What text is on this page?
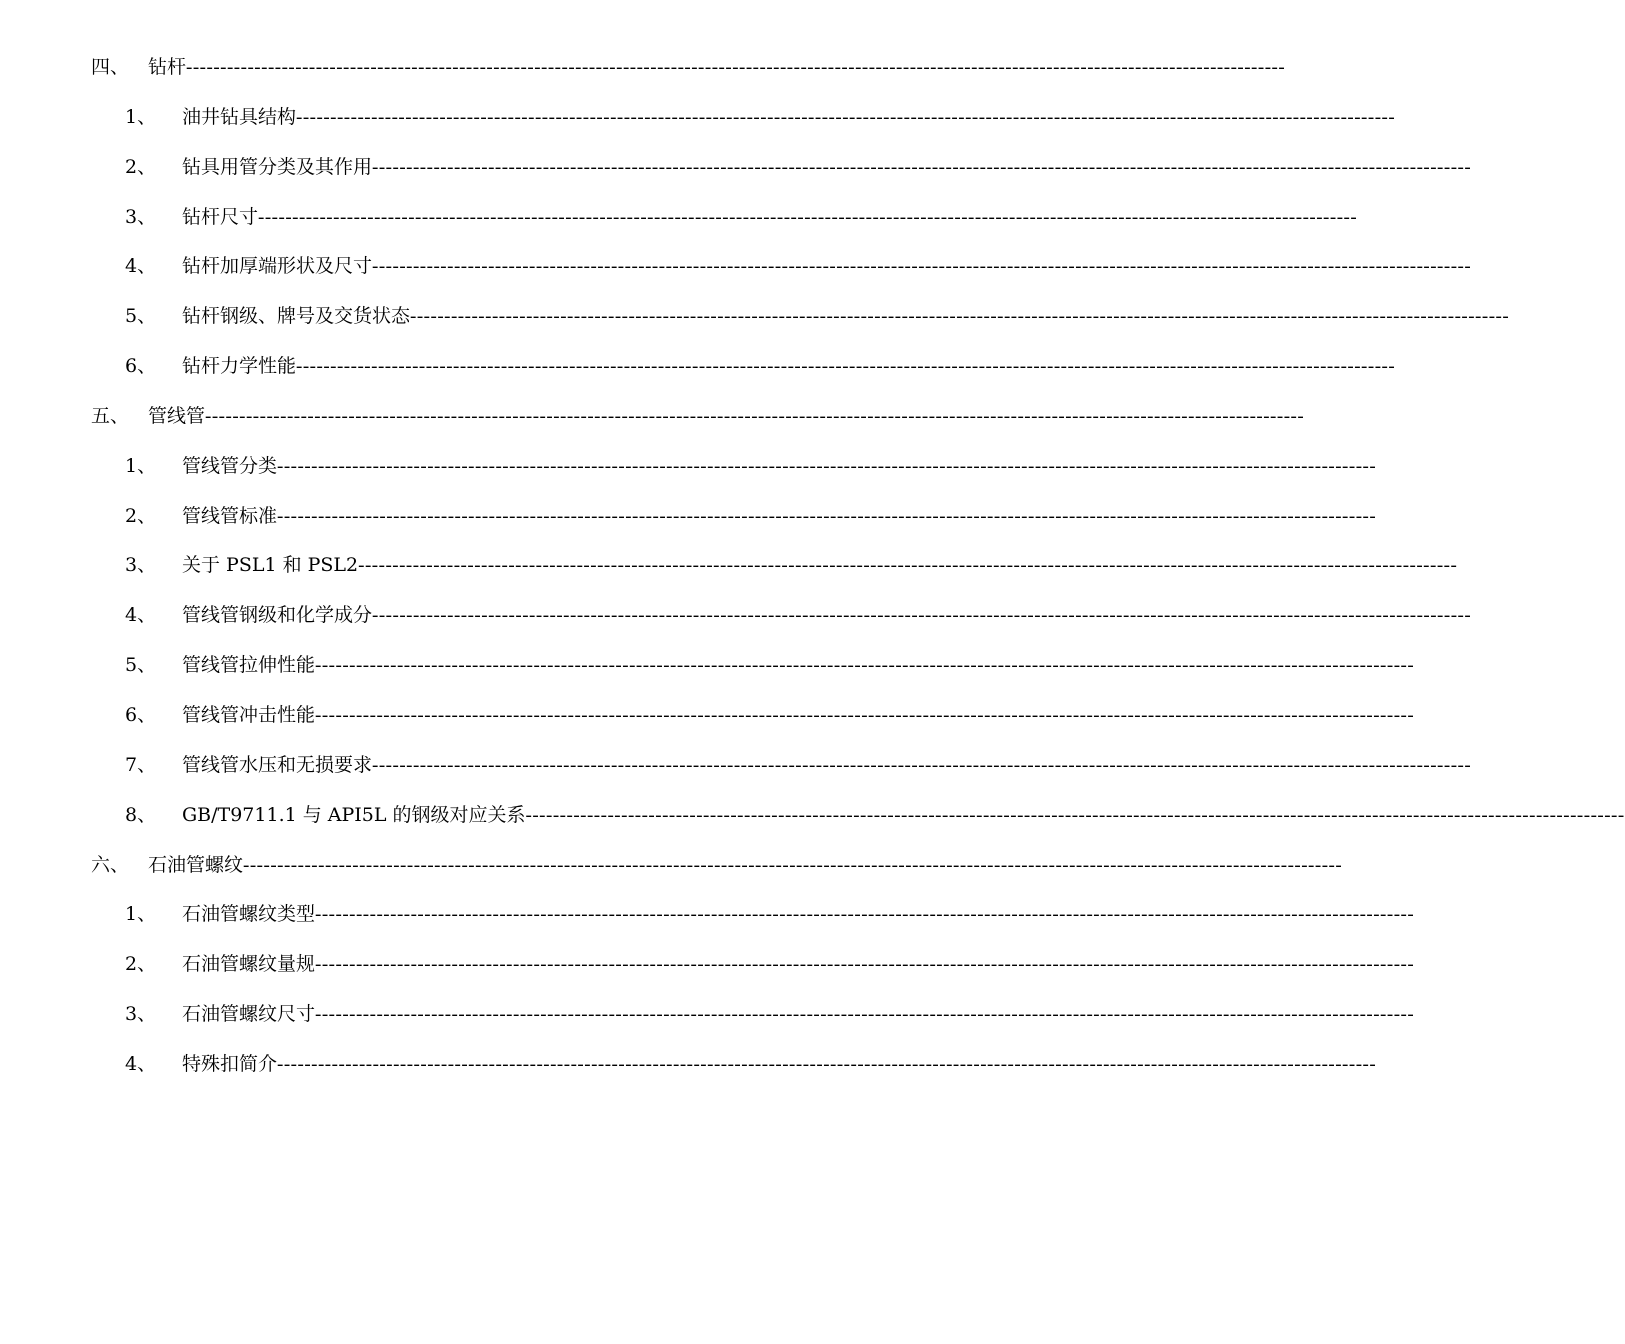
四、 钻杆 -----------------------------------------------------------------------------------------------------------------------------------------------------------------
1、 油井钻具结构 -----------------------------------------------------------------------------------------------------------------------------------------------------------------
2、 钻具用管分类及其作用 -----------------------------------------------------------------------------------------------------------------------------------------------------------------
3、 钻杆尺寸 -----------------------------------------------------------------------------------------------------------------------------------------------------------------
4、 钻杆加厚端形状及尺寸 -----------------------------------------------------------------------------------------------------------------------------------------------------------------
5、 钻杆钢级、牌号及交货状态 -----------------------------------------------------------------------------------------------------------------------------------------------------------------
6、 钻杆力学性能 -----------------------------------------------------------------------------------------------------------------------------------------------------------------
五、 管线管 -----------------------------------------------------------------------------------------------------------------------------------------------------------------
1、 管线管分类 -----------------------------------------------------------------------------------------------------------------------------------------------------------------
2、 管线管标准 -----------------------------------------------------------------------------------------------------------------------------------------------------------------
3、 关于 PSL1 和 PSL2 -----------------------------------------------------------------------------------------------------------------------------------------------------------------
4、 管线管钢级和化学成分 -----------------------------------------------------------------------------------------------------------------------------------------------------------------
5、 管线管拉伸性能 -----------------------------------------------------------------------------------------------------------------------------------------------------------------
6、 管线管冲击性能 -----------------------------------------------------------------------------------------------------------------------------------------------------------------
7、 管线管水压和无损要求 -----------------------------------------------------------------------------------------------------------------------------------------------------------------
8、 GB/T9711.1 与 API5L 的钢级对应关系 -----------------------------------------------------------------------------------------------------------------------------------------------------------------
六、 石油管螺纹 -----------------------------------------------------------------------------------------------------------------------------------------------------------------
1、 石油管螺纹类型 -----------------------------------------------------------------------------------------------------------------------------------------------------------------
2、 石油管螺纹量规 -----------------------------------------------------------------------------------------------------------------------------------------------------------------
3、 石油管螺纹尺寸 -----------------------------------------------------------------------------------------------------------------------------------------------------------------
4、 特殊扣简介 -----------------------------------------------------------------------------------------------------------------------------------------------------------------
